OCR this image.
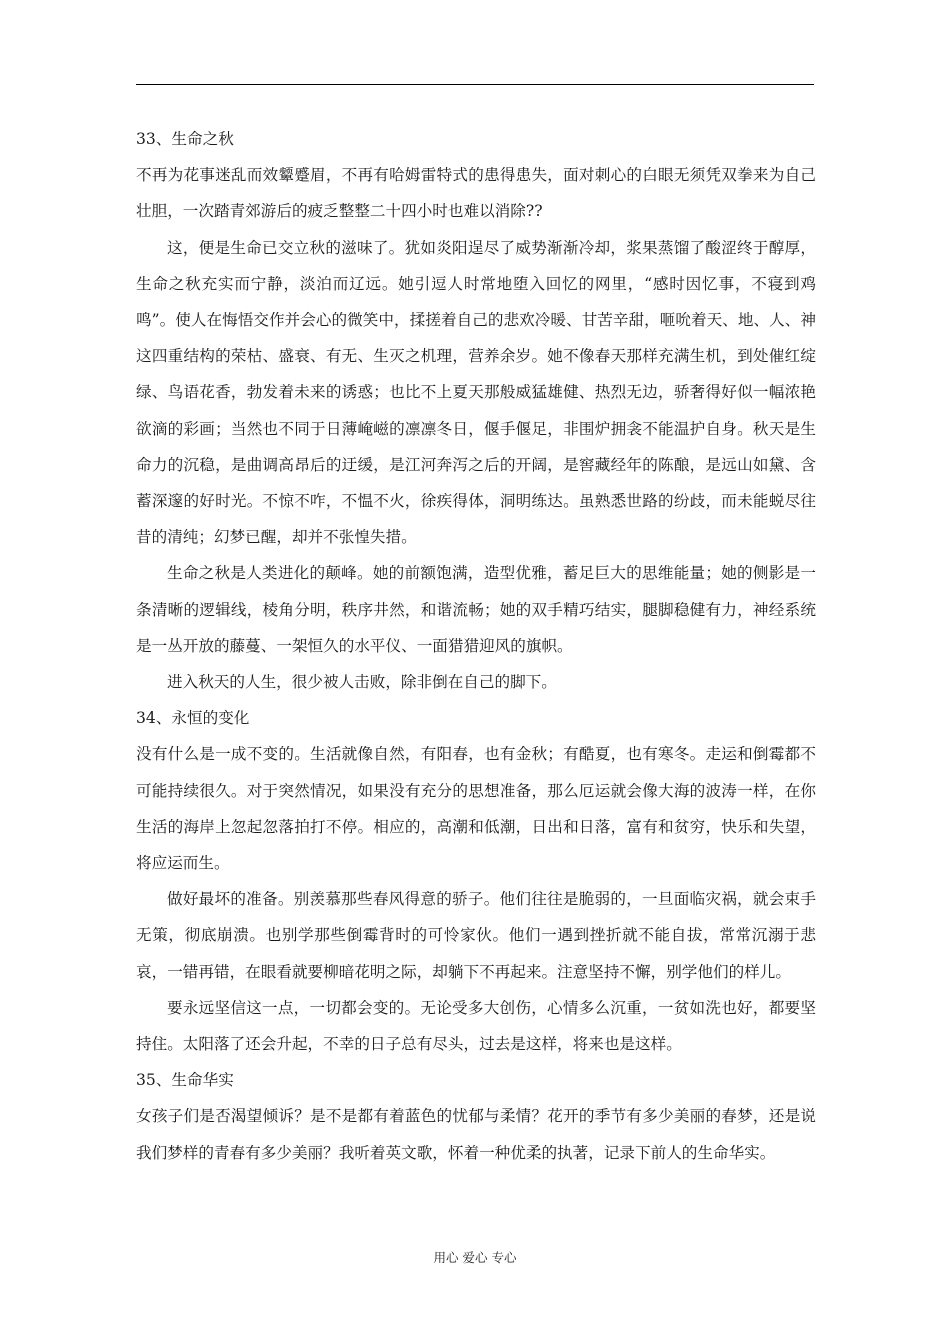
33、生命之秋

不再为花事迷乱而效颦蹙眉，不再有哈姆雷特式的患得患失，面对刺心的白眼无须凭双拳来为自己壮胆，一次踏青郊游后的疲乏整整二十四小时也难以消除??

这，便是生命已交立秋的滋味了。犹如炎阳逞尽了威势渐渐冷却，浆果蒸馏了酸涩终于醇厚，生命之秋充实而宁静，淡泊而辽远。她引逗人时常地堕入回忆的网里，“感时因忆事，不寝到鸡鸣”。使人在悔悟交作并会心的微笑中，揉搓着自己的悲欢冷暖、甘苦辛甜，咂吮着天、地、人、神这四重结构的荣枯、盛衰、有无、生灭之机理，营养余岁。她不像春天那样充满生机，到处催红绽绿、鸟语花香，勃发着未来的诱惑；也比不上夏天那般威猛雄健、热烈无边，骄奢得好似一幅浓艳欲滴的彩画；当然也不同于日薄崦嵫的凛凛冬日，偃手偃足，非围炉拥衾不能温护自身。秋天是生命力的沉稳，是曲调高昂后的迂缓，是江河奔泻之后的开阔，是窖藏经年的陈酿，是远山如黛、含蓄深邃的好时光。不惊不咋，不愠不火，徐疾得体，洞明练达。虽熟悉世路的纷歧，而未能蜕尽往昔的清纯；幻梦已醒，却并不张惶失措。

生命之秋是人类进化的颠峰。她的前额饱满，造型优雅，蓄足巨大的思维能量；她的侧影是一条清晰的逻辑线，棱角分明，秩序井然，和谐流畅；她的双手精巧结实，腿脚稳健有力，神经系统是一丛开放的藤蔓、一架恒久的水平仪、一面猎猎迎风的旗帜。

进入秋天的人生，很少被人击败，除非倒在自己的脚下。

34、永恒的变化

没有什么是一成不变的。生活就像自然，有阳春，也有金秋；有酷夏，也有寒冬。走运和倒霉都不可能持续很久。对于突然情况，如果没有充分的思想准备，那么厄运就会像大海的波涛一样，在你生活的海岸上忽起忽落拍打不停。相应的，高潮和低潮，日出和日落，富有和贫穷，快乐和失望，将应运而生。

做好最坏的准备。别羡慕那些春风得意的骄子。他们往往是脆弱的，一旦面临灾祸，就会束手无策，彻底崩溃。也别学那些倒霉背时的可怜家伙。他们一遇到挫折就不能自拔，常常沉溺于悲哀，一错再错，在眼看就要柳暗花明之际，却躺下不再起来。注意坚持不懈，别学他们的样儿。

要永远坚信这一点，一切都会变的。无论受多大创伤，心情多么沉重，一贫如洗也好，都要坚持住。太阳落了还会升起，不幸的日子总有尽头，过去是这样，将来也是这样。

35、生命华实

女孩子们是否渴望倾诉？是不是都有着蓝色的忧郁与柔情？花开的季节有多少美丽的春梦，还是说我们梦样的青春有多少美丽？我听着英文歌，怀着一种优柔的执著，记录下前人的生命华实。

用心 爱心 专心
